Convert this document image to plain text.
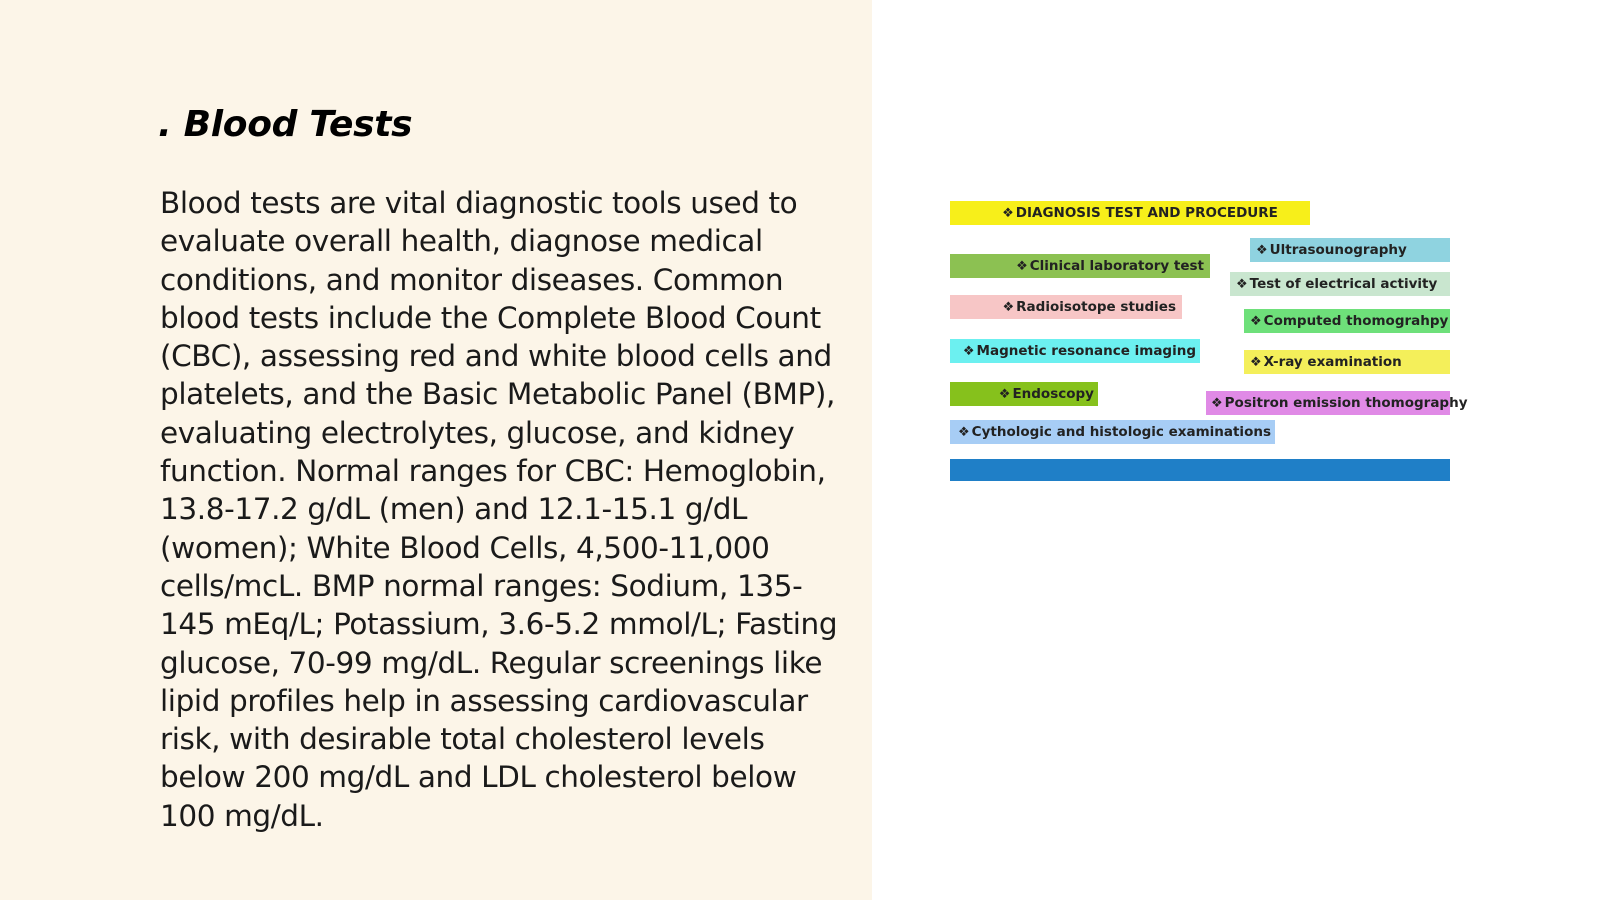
. Blood Tests

Blood tests are vital diagnostic tools used to evaluate overall health, diagnose medical conditions, and monitor diseases. Common blood tests include the Complete Blood Count (CBC), assessing red and white blood cells and platelets, and the Basic Metabolic Panel (BMP), evaluating electrolytes, glucose, and kidney function. Normal ranges for CBC: Hemoglobin, 13.8-17.2 g/dL (men) and 12.1-15.1 g/dL (women); White Blood Cells, 4,500-11,000 cells/mcL. BMP normal ranges: Sodium, 135-145 mEq/L; Potassium, 3.6-5.2 mmol/L; Fasting glucose, 70-99 mg/dL. Regular screenings like lipid profiles help in assessing cardiovascular risk, with desirable total cholesterol levels below 200 mg/dL and LDL cholesterol below 100 mg/dL.

❖ DIAGNOSIS TEST AND PROCEDURE
❖ Clinical laboratory test
❖ Ultrasounography
❖ Test of electrical activity
❖ Radioisotope studies
❖ Computed thomograhpy
❖ Magnetic resonance imaging
❖ X-ray examination
❖ Endoscopy
❖ Positron emission thomography
❖ Cythologic and histologic examinations
